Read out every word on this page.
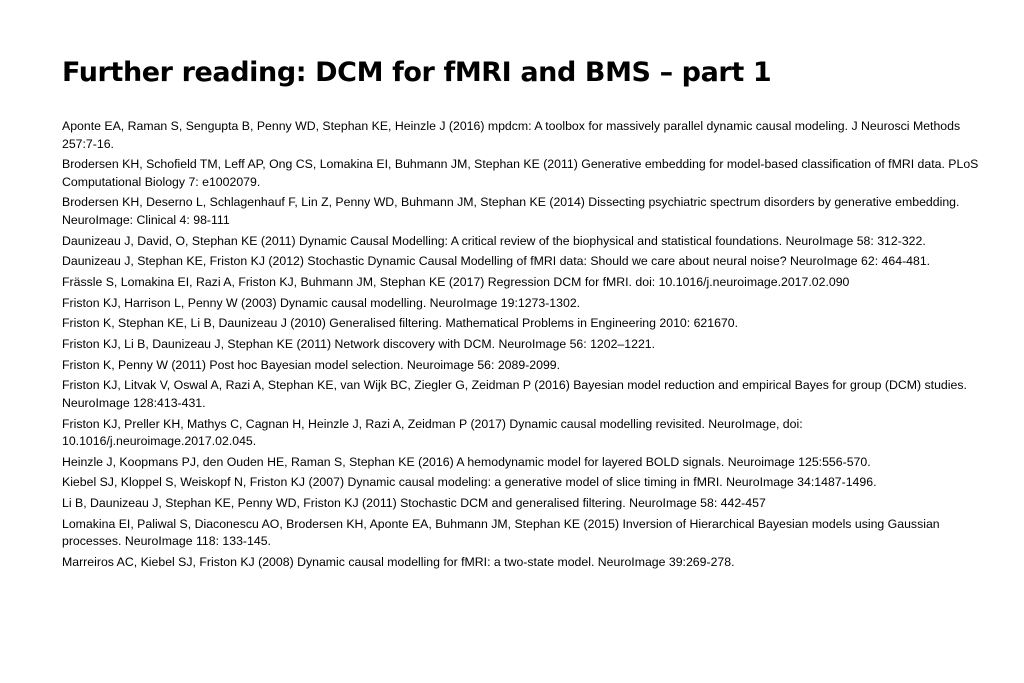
Further reading: DCM for fMRI and BMS – part 1
Aponte EA, Raman S, Sengupta B, Penny WD, Stephan KE, Heinzle J (2016) mpdcm: A toolbox for massively parallel dynamic causal modeling. J Neurosci Methods 257:7-16.
Brodersen KH, Schofield TM, Leff AP, Ong CS, Lomakina EI, Buhmann JM, Stephan KE (2011) Generative embedding for model-based classification of fMRI data. PLoS Computational Biology 7: e1002079.
Brodersen KH, Deserno L, Schlagenhauf F, Lin Z, Penny WD, Buhmann JM, Stephan KE (2014) Dissecting psychiatric spectrum disorders by generative embedding. NeuroImage: Clinical 4: 98-111
Daunizeau J, David, O, Stephan KE (2011) Dynamic Causal Modelling: A critical review of the biophysical and statistical foundations. NeuroImage 58: 312-322.
Daunizeau J, Stephan KE, Friston KJ (2012) Stochastic Dynamic Causal Modelling of fMRI data: Should we care about neural noise? NeuroImage 62: 464-481.
Frässle S, Lomakina EI, Razi A, Friston KJ, Buhmann JM, Stephan KE (2017) Regression DCM for fMRI. doi: 10.1016/j.neuroimage.2017.02.090
Friston KJ, Harrison L, Penny W (2003) Dynamic causal modelling. NeuroImage 19:1273-1302.
Friston K, Stephan KE, Li B, Daunizeau J (2010) Generalised filtering. Mathematical Problems in Engineering 2010: 621670.
Friston KJ, Li B, Daunizeau J, Stephan KE (2011) Network discovery with DCM. NeuroImage 56: 1202–1221.
Friston K, Penny W (2011) Post hoc Bayesian model selection. Neuroimage 56: 2089-2099.
Friston KJ, Litvak V, Oswal A, Razi A, Stephan KE, van Wijk BC, Ziegler G, Zeidman P (2016) Bayesian model reduction and empirical Bayes for group (DCM) studies. NeuroImage 128:413-431.
Friston KJ, Preller KH, Mathys C, Cagnan H, Heinzle J, Razi A, Zeidman P (2017) Dynamic causal modelling revisited. NeuroImage, doi: 10.1016/j.neuroimage.2017.02.045.
Heinzle J, Koopmans PJ, den Ouden HE, Raman S, Stephan KE (2016) A hemodynamic model for layered BOLD signals. Neuroimage 125:556-570.
Kiebel SJ, Kloppel S, Weiskopf N, Friston KJ (2007) Dynamic causal modeling: a generative model of slice timing in fMRI. NeuroImage 34:1487-1496.
Li B, Daunizeau J, Stephan KE, Penny WD, Friston KJ (2011) Stochastic DCM and generalised filtering. NeuroImage 58: 442-457
Lomakina EI, Paliwal S, Diaconescu AO, Brodersen KH, Aponte EA, Buhmann JM, Stephan KE (2015) Inversion of Hierarchical Bayesian models using Gaussian processes. NeuroImage 118: 133-145.
Marreiros AC, Kiebel SJ, Friston KJ (2008) Dynamic causal modelling for fMRI: a two-state model. NeuroImage 39:269-278.
